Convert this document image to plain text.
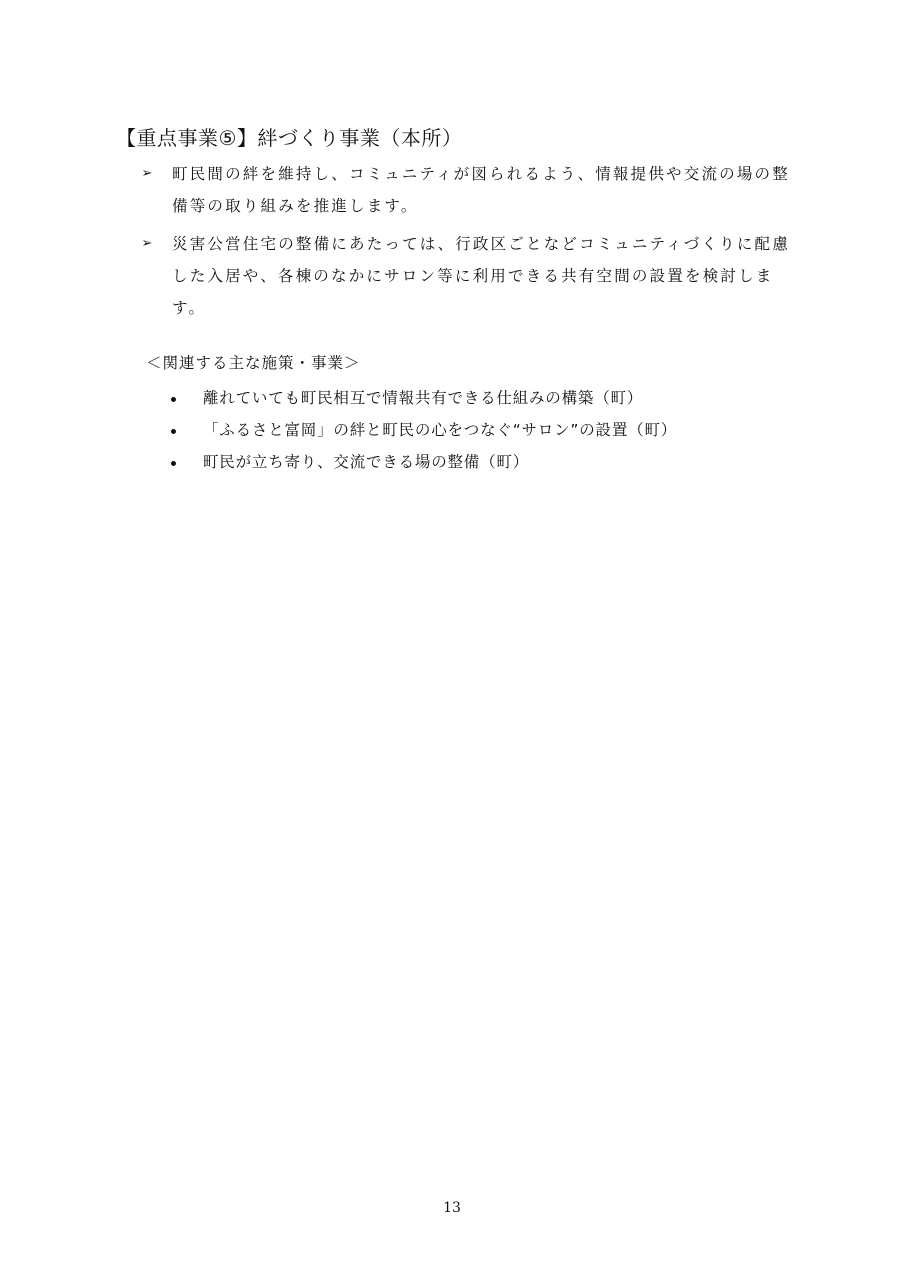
【重点事業⑤】絆づくり事業（本所）
➢ 町民間の絆を維持し、コミュニティが図られるよう、情報提供や交流の場の整備等の取り組みを推進します。
➢ 災害公営住宅の整備にあたっては、行政区ごとなどコミュニティづくりに配慮した入居や、各棟のなかにサロン等に利用できる共有空間の設置を検討します。

＜関連する主な施策・事業＞

離れていても町民相互で情報共有できる仕組みの構築（町）
「ふるさと富岡」の絆と町民の心をつなぐ“サロン”の設置（町）
町民が立ち寄り、交流できる場の整備（町）
13
